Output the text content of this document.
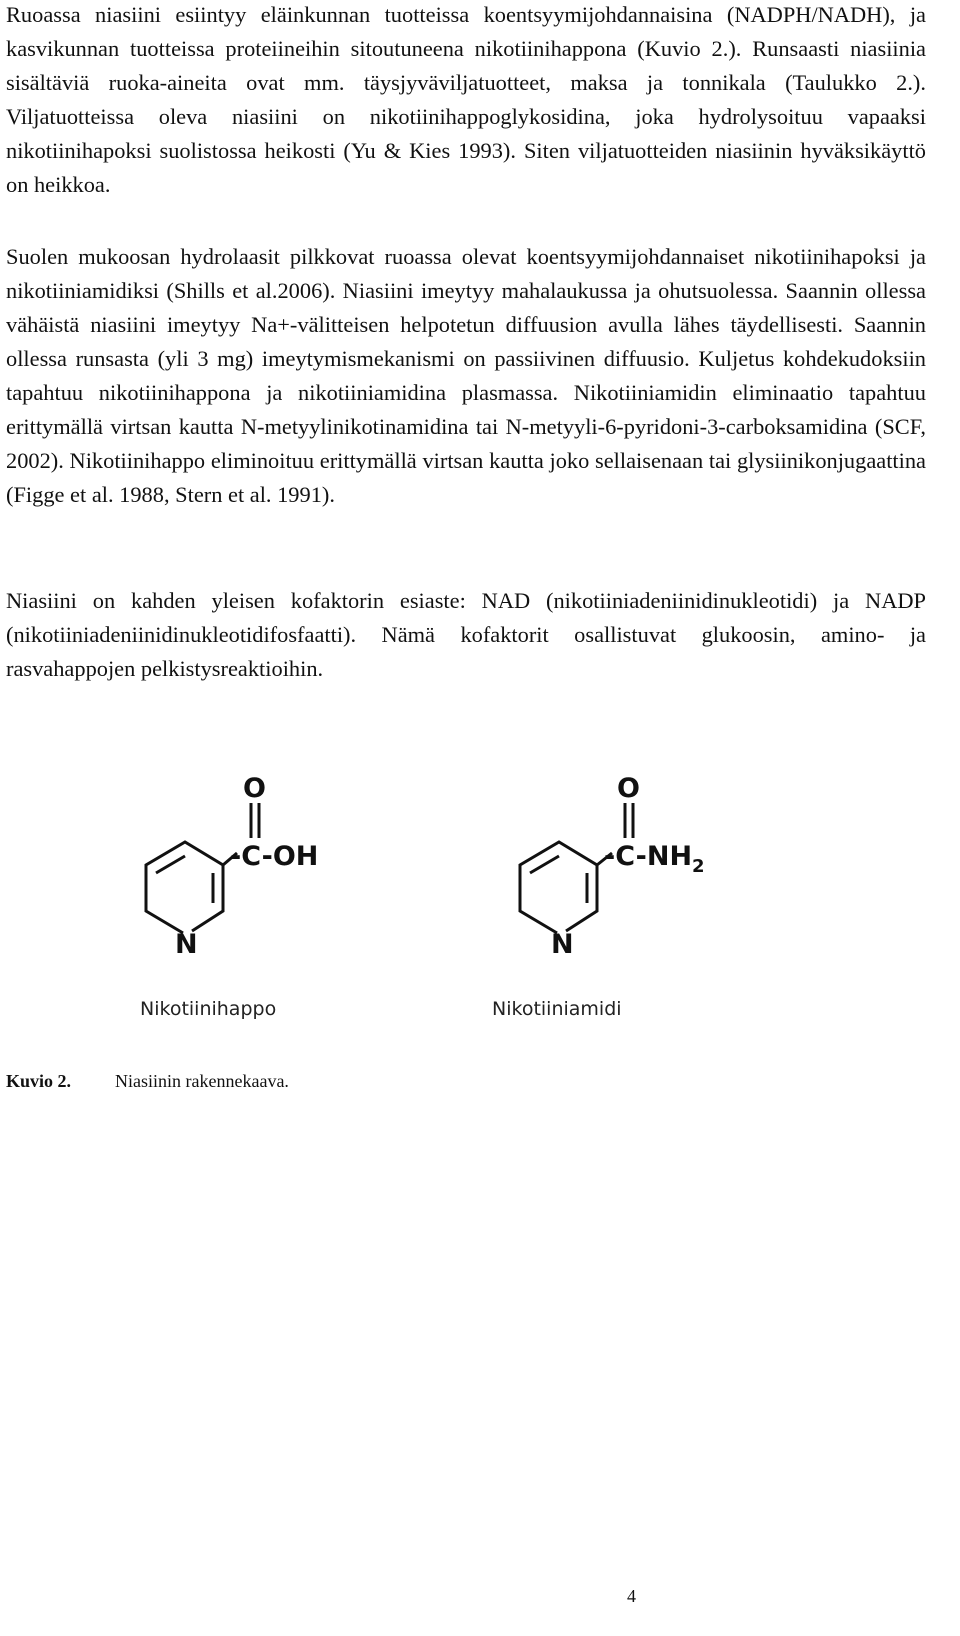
Ruoassa niasiini esiintyy eläinkunnan tuotteissa koentsyymijohdannaisina (NADPH/NADH), ja kasvikunnan tuotteissa proteiineihin sitoutuneena nikotiinihappona (Kuvio 2.). Runsaasti niasiinia sisältäviä ruoka-aineita ovat mm. täysjyväviljatuotteet, maksa ja tonnikala (Taulukko 2.). Viljatuotteissa oleva niasiini on nikotiinihappoglykosidina, joka hydrolysoituu vapaaksi nikotiinihapoksi suolistossa heikosti (Yu & Kies 1993). Siten viljatuotteiden niasiinin hyväksikäyttö on heikkoa.

Suolen mukoosan hydrolaasit pilkkovat ruoassa olevat koentsyymijohdannaiset nikotiinihapoksi ja nikotiiniamidiksi (Shills et al.2006). Niasiini imeytyy mahalaukussa ja ohutsuolessa. Saannin ollessa vähäistä niasiini imeytyy Na+-välitteisen helpotetun diffuusion avulla lähes täydellisesti. Saannin ollessa runsasta (yli 3 mg) imeytymismekanismi on passiivinen diffuusio. Kuljetus kohdekudoksiin tapahtuu nikotiinihappona ja nikotiiniamidina plasmassa. Nikotiiniamidin eliminaatio tapahtuu erittymällä virtsan kautta N-metyylinikotinamidina tai N-metyyli-6-pyridoni-3-carboksamidina (SCF, 2002). Nikotiinihappo eliminoituu erittymällä virtsan kautta joko sellaisenaan tai glysiinikonjugaattina (Figge et al. 1988, Stern et al. 1991).

Niasiini on kahden yleisen kofaktorin esiaste: NAD (nikotiiniadeniinidinukleotidi) ja NADP (nikotiiniadeniinidinukleotidifosfaatti). Nämä kofaktorit osallistuvat glukoosin, amino- ja rasvahappojen pelkistysreaktioihin.

O
-C-OH
N
Nikotiinihappo
O
$-C-NH_2$
N
Nikotiiniamidi
Kuvio 2. Niasiinin rakennekaava.
4
